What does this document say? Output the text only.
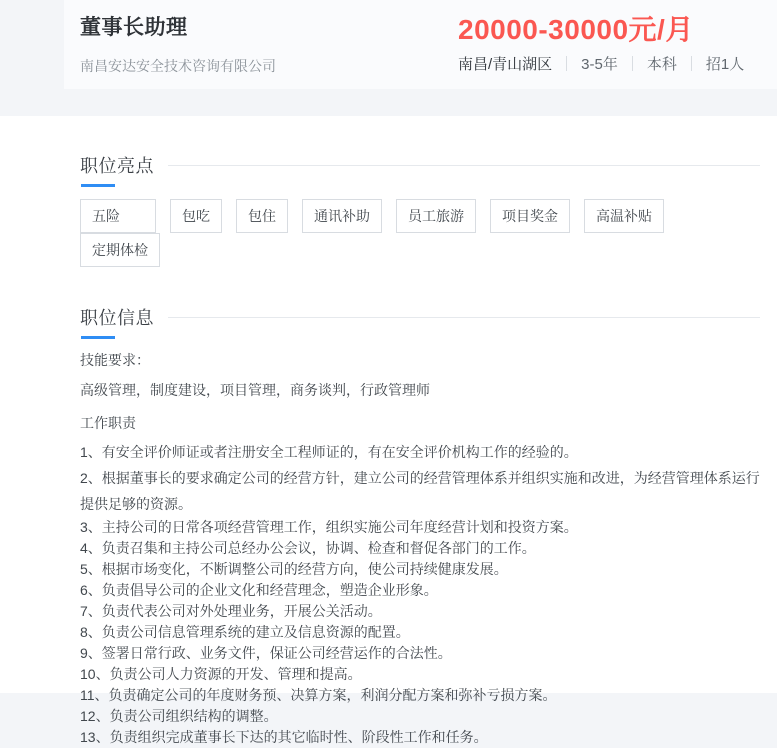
董事长助理
南昌安达安全技术咨询有限公司
20000-30000元/月
南昌/青山湖区 3-5年 本科 招1人
职位亮点
五险	包吃	包住	通讯补助	员工旅游	项目奖金	高温补贴
定期体检
职位信息

技能要求：

高级管理，制度建设，项目管理，商务谈判，行政管理师

工作职责

1、有安全评价师证或者注册安全工程师证的，有在安全评价机构工作的经验的。

2、根据董事长的要求确定公司的经营方针，建立公司的经营管理体系并组织实施和改进，为经营管理体系运行提供足够的资源。

3、主持公司的日常各项经营管理工作，组织实施公司年度经营计划和投资方案。

4、负责召集和主持公司总经办公会议，协调、检查和督促各部门的工作。

5、根据市场变化，不断调整公司的经营方向，使公司持续健康发展。

6、负责倡导公司的企业文化和经营理念，塑造企业形象。

7、负责代表公司对外处理业务，开展公关活动。

8、负责公司信息管理系统的建立及信息资源的配置。

9、签署日常行政、业务文件，保证公司经营运作的合法性。

10、负责公司人力资源的开发、管理和提高。

11、负责确定公司的年度财务预、决算方案，利润分配方案和弥补亏损方案。

12、负责公司组织结构的调整。

13、负责组织完成董事长下达的其它临时性、阶段性工作和任务。
